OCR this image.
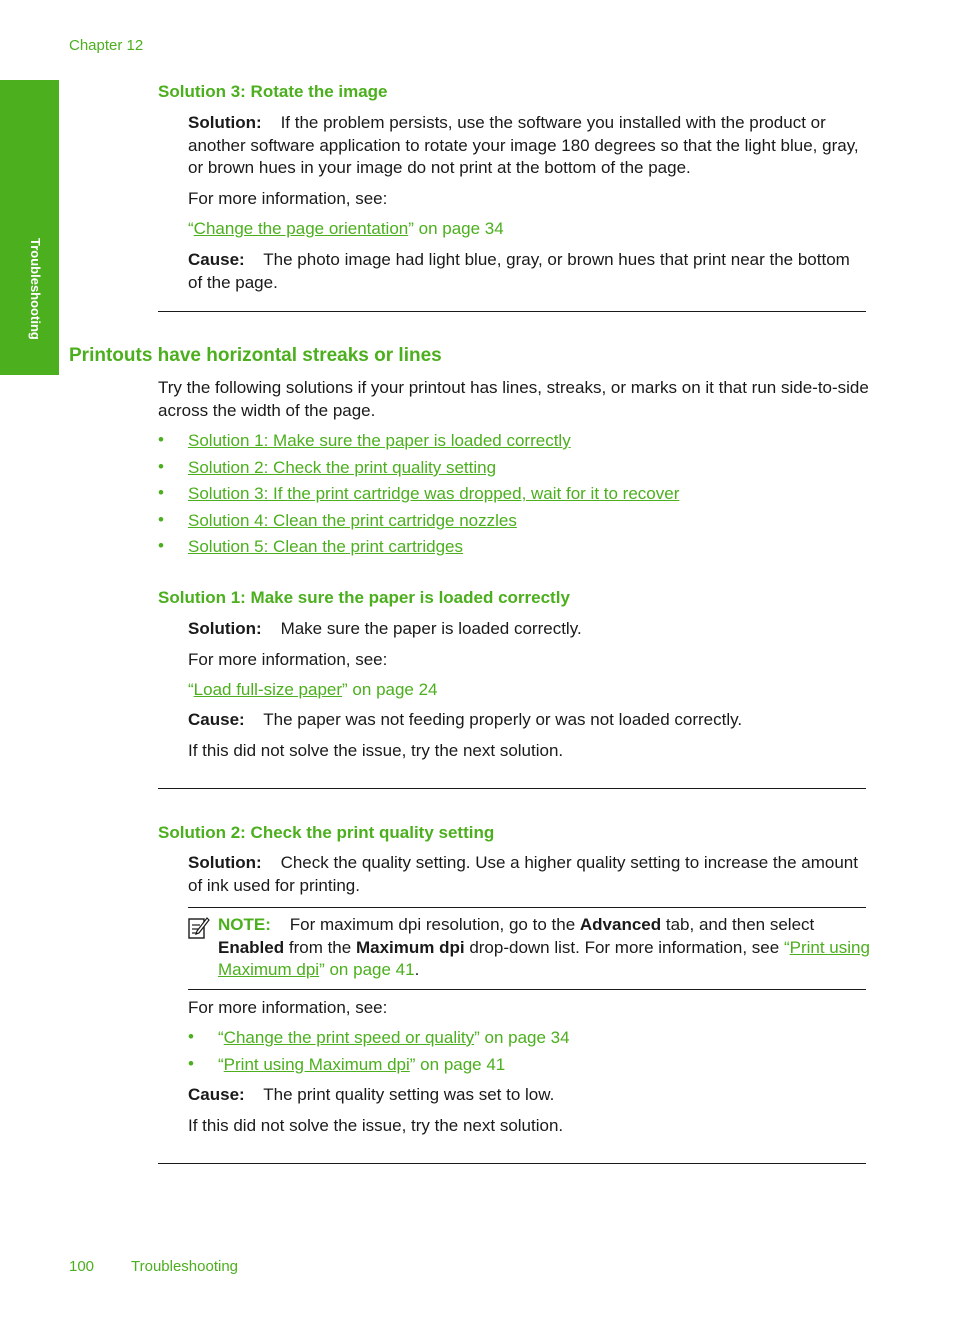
Chapter 12
Troubleshooting
Solution 3: Rotate the image
Solution: If the problem persists, use the software you installed with the product or another software application to rotate your image 180 degrees so that the light blue, gray, or brown hues in your image do not print at the bottom of the page.
For more information, see:
“Change the page orientation” on page 34
Cause: The photo image had light blue, gray, or brown hues that print near the bottom of the page.
Printouts have horizontal streaks or lines
Try the following solutions if your printout has lines, streaks, or marks on it that run side-to-side across the width of the page.
• Solution 1: Make sure the paper is loaded correctly
• Solution 2: Check the print quality setting
• Solution 3: If the print cartridge was dropped, wait for it to recover
• Solution 4: Clean the print cartridge nozzles
• Solution 5: Clean the print cartridges
Solution 1: Make sure the paper is loaded correctly
Solution: Make sure the paper is loaded correctly.
For more information, see:
“Load full-size paper” on page 24
Cause: The paper was not feeding properly or was not loaded correctly.
If this did not solve the issue, try the next solution.
Solution 2: Check the print quality setting
Solution: Check the quality setting. Use a higher quality setting to increase the amount of ink used for printing.
NOTE: For maximum dpi resolution, go to the Advanced tab, and then select Enabled from the Maximum dpi drop-down list. For more information, see “Print using Maximum dpi” on page 41.
For more information, see:
• “Change the print speed or quality” on page 34
• “Print using Maximum dpi” on page 41
Cause: The print quality setting was set to low.
If this did not solve the issue, try the next solution.
100 Troubleshooting
